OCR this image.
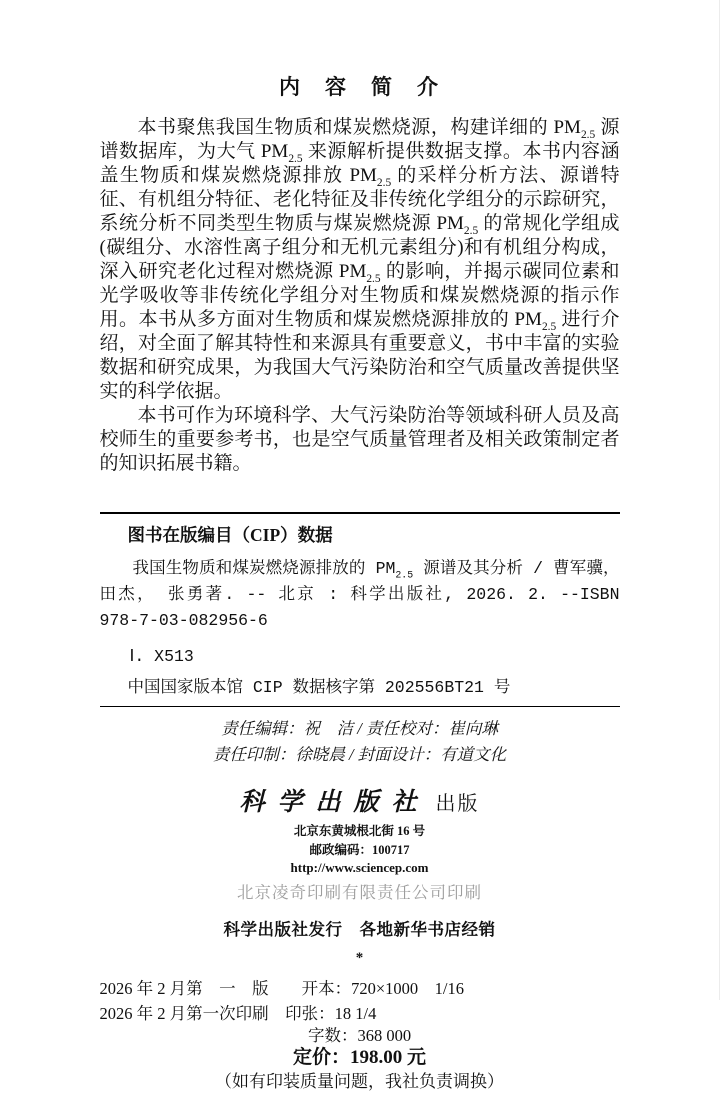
内　容　简　介

本书聚焦我国生物质和煤炭燃烧源，构建详细的 $PM_{2.5}$ 源谱数据库，为大气 $PM_{2.5}$ 来源解析提供数据支撑。本书内容涵盖生物质和煤炭燃烧源排放 $PM_{2.5}$ 的采样分析方法、源谱特征、有机组分特征、老化特征及非传统化学组分的示踪研究，系统分析不同类型生物质与煤炭燃烧源 $PM_{2.5}$ 的常规化学组成(碳组分、水溶性离子组分和无机元素组分)和有机组分构成，深入研究老化过程对燃烧源 $PM_{2.5}$ 的影响，并揭示碳同位素和光学吸收等非传统化学组分对生物质和煤炭燃烧源的指示作用。本书从多方面对生物质和煤炭燃烧源排放的 $PM_{2.5}$ 进行介绍，对全面了解其特性和来源具有重要意义，书中丰富的实验数据和研究成果，为我国大气污染防治和空气质量改善提供坚实的科学依据。

本书可作为环境科学、大气污染防治等领域科研人员及高校师生的重要参考书，也是空气质量管理者及相关政策制定者的知识拓展书籍。

图书在版编目（CIP）数据

我国生物质和煤炭燃烧源排放的 $PM_{2.5}$ 源谱及其分析 / 曹军骥，田杰， 张勇著. -- 北京 : 科学出版社, 2026. 2. --ISBN 978-7-03-082956-6

Ⅰ. X513

中国国家版本馆 CIP 数据核字第 202556BT21 号

责任编辑：祝　洁 / 责任校对：崔向琳

责任印制：徐晓晨 / 封面设计：有道文化

科学出版社 出版

北京东黄城根北街 16 号

邮政编码：100717

http://www.sciencep.com

北京凌奇印刷有限责任公司印刷

科学出版社发行　各地新华书店经销

*

2026 年 2 月第　一　版　　开本：720×1000　1/16

2026 年 2 月第一次印刷　印张：18 1/4

字数：368 000

定价：198.00 元

（如有印装质量问题，我社负责调换）
